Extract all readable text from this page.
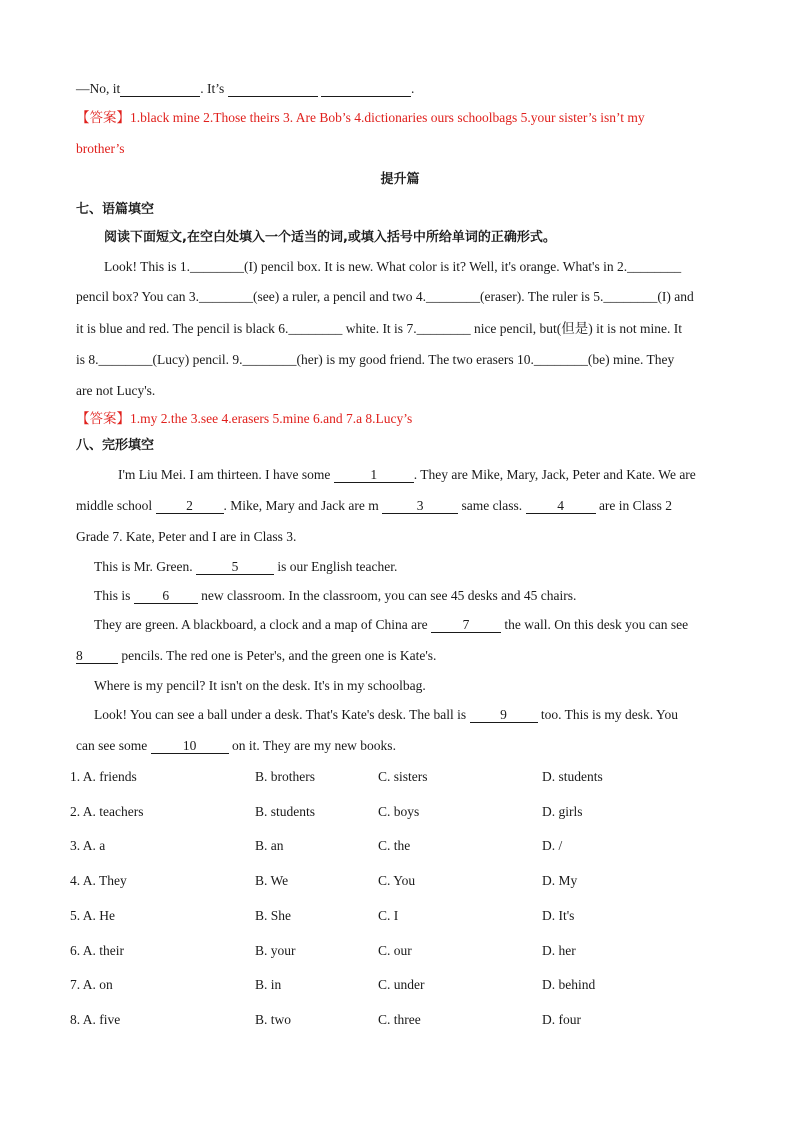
—No, it	. It’s	.
【答案】1.black mine 2.Those theirs 3. Are Bob’s 4.dictionaries ours schoolbags 5.your sister’s isn’t my
brother’s
提升篇
七、语篇填空
阅读下面短文,在空白处填入一个适当的词,或填入括号中所给单词的正确形式。
Look! This is 1.________(I) pencil box. It is new. What color is it? Well, it's orange. What's in 2.________
pencil box? You can 3.________(see) a ruler, a pencil and two 4.________(eraser). The ruler is 5.________(I) and
it is blue and red. The pencil is black 6.________ white. It is 7.________ nice pencil, but(但是) it is not mine. It
is 8.________(Lucy) pencil. 9.________(her) is my good friend. The two erasers 10.________(be) mine. They
are not Lucy's.
【答案】1.my 2.the 3.see 4.erasers 5.mine 6.and 7.a 8.Lucy’s
八、完形填空
I'm Liu Mei. I am thirteen. I have some	1	. They are Mike, Mary, Jack, Peter and Kate. We are
middle school 2 . Mike, Mary and Jack are m	3	same class. 4 are in Class 2
Grade 7. Kate, Peter and I are in Class 3.
This is Mr. Green.	5	is our English teacher.
This is 6 new classroom. In the classroom, you can see 45 desks and 45 chairs.
They are green. A blackboard, a clock and a map of China are 7 the wall. On this desk you can see
8	pencils. The red one is Peter's, and the green one is Kate's.
Where is my pencil? It isn't on the desk. It's in my schoolbag.
Look! You can see a ball under a desk. That's Kate's desk. The ball is 9 too. This is my desk. You
can see some 10 on it. They are my new books.
1. A. friends	B. brothers	C. sisters	D. students
2. A. teachers	B. students	C. boys	D. girls
3. A. a	B. an	C. the	D. /
4. A. They	B. We	C. You	D. My
5. A. He	B. She	C. I	D. It's
6. A. their	B. your	C. our	D. her
7. A. on	B. in	C. under	D. behind
8. A. five	B. two	C. three	D. four
